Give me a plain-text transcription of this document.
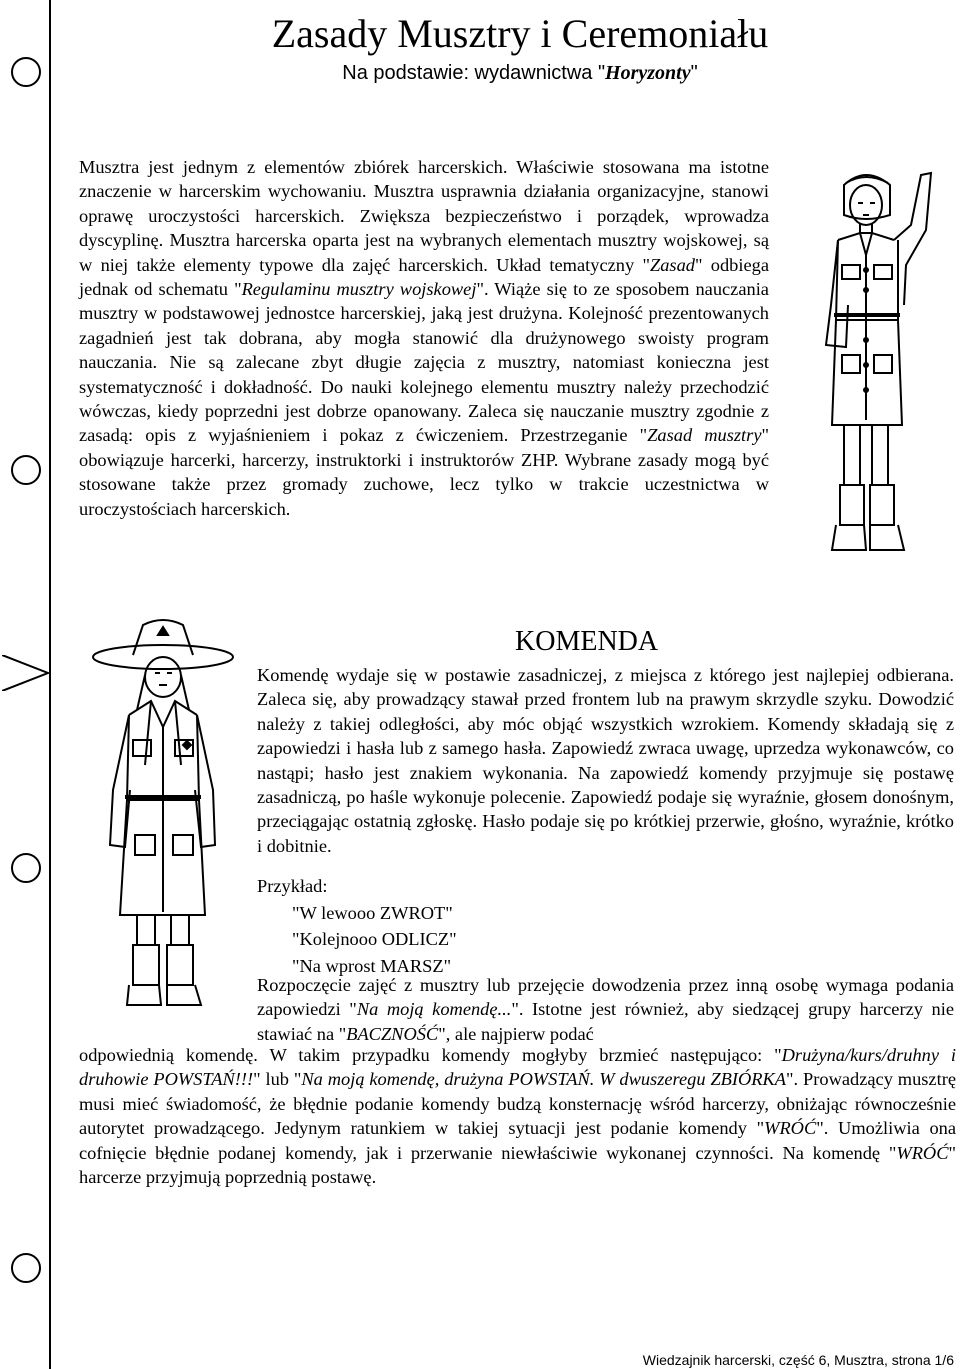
Zasady Musztry i Ceremoniału
Na podstawie: wydawnictwa "Horyzonty"

Musztra jest jednym z elementów zbiórek harcerskich. Właściwie stosowana ma istotne znaczenie w harcerskim wychowaniu. Musztra usprawnia działania organizacyjne, stanowi oprawę uroczystości harcerskich. Zwiększa bezpieczeństwo i porządek, wprowadza dyscyplinę. Musztra harcerska oparta jest na wybranych elementach musztry wojskowej, są w niej także elementy typowe dla zajęć harcerskich. Układ tematyczny "Zasad" odbiega jednak od schematu "Regulaminu musztry wojskowej". Wiąże się to ze sposobem nauczania musztry w podstawowej jednostce harcerskiej, jaką jest drużyna. Kolejność prezentowanych zagadnień jest tak dobrana, aby mogła stanowić dla drużynowego swoisty program nauczania. Nie są zalecane zbyt długie zajęcia z musztry, natomiast konieczna jest systematyczność i dokładność. Do nauki kolejnego elementu musztry należy przechodzić wówczas, kiedy poprzedni jest dobrze opanowany. Zaleca się nauczanie musztry zgodnie z zasadą: opis z wyjaśnieniem i pokaz z ćwiczeniem. Przestrzeganie "Zasad musztry" obowiązuje harcerki, harcerzy, instruktorki i instruktorów ZHP. Wybrane zasady mogą być stosowane także przez gromady zuchowe, lecz tylko w trakcie uczestnictwa w uroczystościach harcerskich.

KOMENDA

Komendę wydaje się w postawie zasadniczej, z miejsca z którego jest najlepiej odbierana. Zaleca się, aby prowadzący stawał przed frontem lub na prawym skrzydle szyku. Dowodzić należy z takiej odległości, aby móc objąć wszystkich wzrokiem. Komendy składają się z zapowiedzi i hasła lub z samego hasła. Zapowiedź zwraca uwagę, uprzedza wykonawców, co nastąpi; hasło jest znakiem wykonania. Na zapowiedź komendy przyjmuje się postawę zasadniczą, po haśle wykonuje polecenie. Zapowiedź podaje się wyraźnie, głosem donośnym, przeciągając ostatnią zgłoskę. Hasło podaje się po krótkiej przerwie, głośno, wyraźnie, krótko i dobitnie.

Przykład:
"W lewooo ZWROT"
"Kolejnooo ODLICZ"
"Na wprost MARSZ"

Rozpoczęcie zajęć z musztry lub przejęcie dowodzenia przez inną osobę wymaga podania zapowiedzi "Na moją komendę...". Istotne jest również, aby siedzącej grupy harcerzy nie stawiać na "BACZNOŚĆ", ale najpierw podać

odpowiednią komendę. W takim przypadku komendy mogłyby brzmieć następująco: "Drużyna/kurs/druhny i druhowie POWSTAŃ!!!" lub "Na moją komendę, drużyna POWSTAŃ. W dwuszeregu ZBIÓRKA". Prowadzący musztrę musi mieć świadomość, że błędnie podanie komendy budzą konsternację wśród harcerzy, obniżając równocześnie autorytet prowadzącego. Jedynym ratunkiem w takiej sytuacji jest podanie komendy "WRÓĆ". Umożliwia ona cofnięcie błędnie podanej komendy, jak i przerwanie niewłaściwie wykonanej czynności. Na komendę "WRÓĆ" harcerze przyjmują poprzednią postawę.

Wiedzajnik harcerski, część 6, Musztra, strona 1/6
